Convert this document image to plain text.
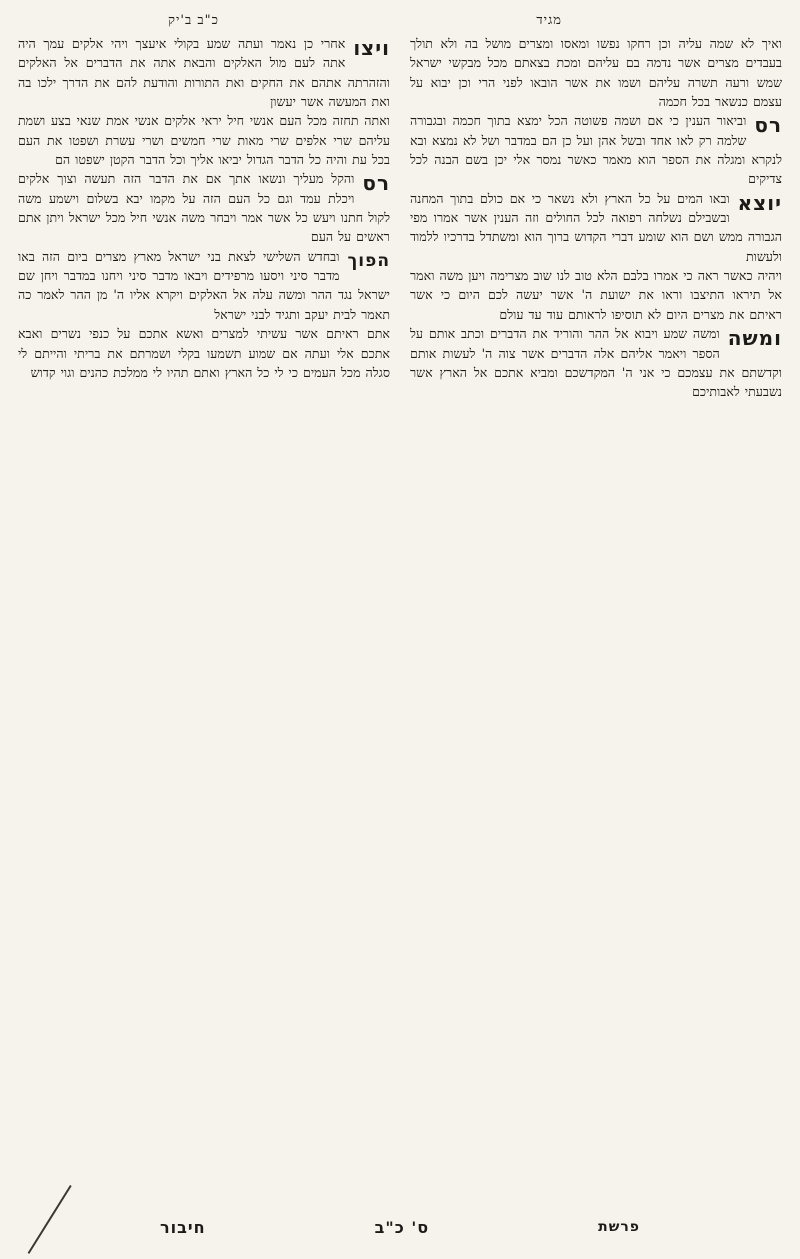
כ"ב ב'יק	מגיד

ואיך לא שמה עליה וכן רחקו נפשו ומאסו ומצרים מושל בה ולא תולך בעבדים מצרים אשר נדמה בם עליהם ומכת בצאתם מכל מבקשי ישראל שמש ורעה תשרה עליהם ושמו את אשר הובאו לפני הרי וכן יבוא על עצמם כנשאר בכל חכמה

רס

וביאור הענין כי אם ושמה פשוטה הכל ימצא בתוך חכמה ובגבורה שלמה רק לאו אחד ובשל אהן ועל כן הם במדבר ושל לא נמצא ובא לנקרא ומגלה את הספר הוא מאמר כאשר נמסר אלי יכן בשם הבנה לכל צדיקים

יוצא

ובאו המים על כל הארץ ולא נשאר כי אם כולם בתוך המחנה ובשבילם נשלחה רפואה לכל החולים וזה הענין אשר אמרו מפי הגבורה ממש ושם הוא שומע דברי הקדוש ברוך הוא ומשתדל בדרכיו ללמוד ולעשות

ויהיה כאשר ראה כי אמרו בלבם הלא טוב לנו שוב מצרימה ויען משה ואמר אל תיראו התיצבו וראו את ישועת ה' אשר יעשה לכם היום כי אשר ראיתם את מצרים היום לא תוסיפו לראותם עוד עד עולם

ומשה

ומשה שמע ויבוא אל ההר והוריד את הדברים וכתב אותם על הספר ויאמר אליהם אלה הדברים אשר צוה ה' לעשות אותם וקדשתם את עצמכם כי אני ה' המקדשכם ומביא אתכם אל הארץ אשר נשבעתי לאבותיכם

ויצו

אחרי כן נאמר ועתה שמע בקולי איעצך ויהי אלקים עמך היה אתה לעם מול האלקים והבאת אתה את הדברים אל האלקים והזהרתה אתהם את החקים ואת התורות והודעת להם את הדרך ילכו בה ואת המעשה אשר יעשון

ואתה תחזה מכל העם אנשי חיל יראי אלקים אנשי אמת שנאי בצע ושמת עליהם שרי אלפים שרי מאות שרי חמשים ושרי עשרת ושפטו את העם בכל עת והיה כל הדבר הגדול יביאו אליך וכל הדבר הקטן ישפטו הם

רס

והקל מעליך ונשאו אתך אם את הדבר הזה תעשה וצוך אלקים ויכלת עמד וגם כל העם הזה על מקמו יבא בשלום וישמע משה לקול חתנו ויעש כל אשר אמר ויבחר משה אנשי חיל מכל ישראל ויתן אתם ראשים על העם

הפוך

ובחדש השלישי לצאת בני ישראל מארץ מצרים ביום הזה באו מדבר סיני ויסעו מרפידים ויבאו מדבר סיני ויחנו במדבר ויחן שם ישראל נגד ההר ומשה עלה אל האלקים ויקרא אליו ה' מן ההר לאמר כה תאמר לבית יעקב ותגיד לבני ישראל

אתם ראיתם אשר עשיתי למצרים ואשא אתכם על כנפי נשרים ואבא אתכם אלי ועתה אם שמוע תשמעו בקלי ושמרתם את בריתי והייתם לי סגלה מכל העמים כי לי כל הארץ ואתם תהיו לי ממלכת כהנים וגוי קדוש

פרשת
ס' כ"ב
חיבור
